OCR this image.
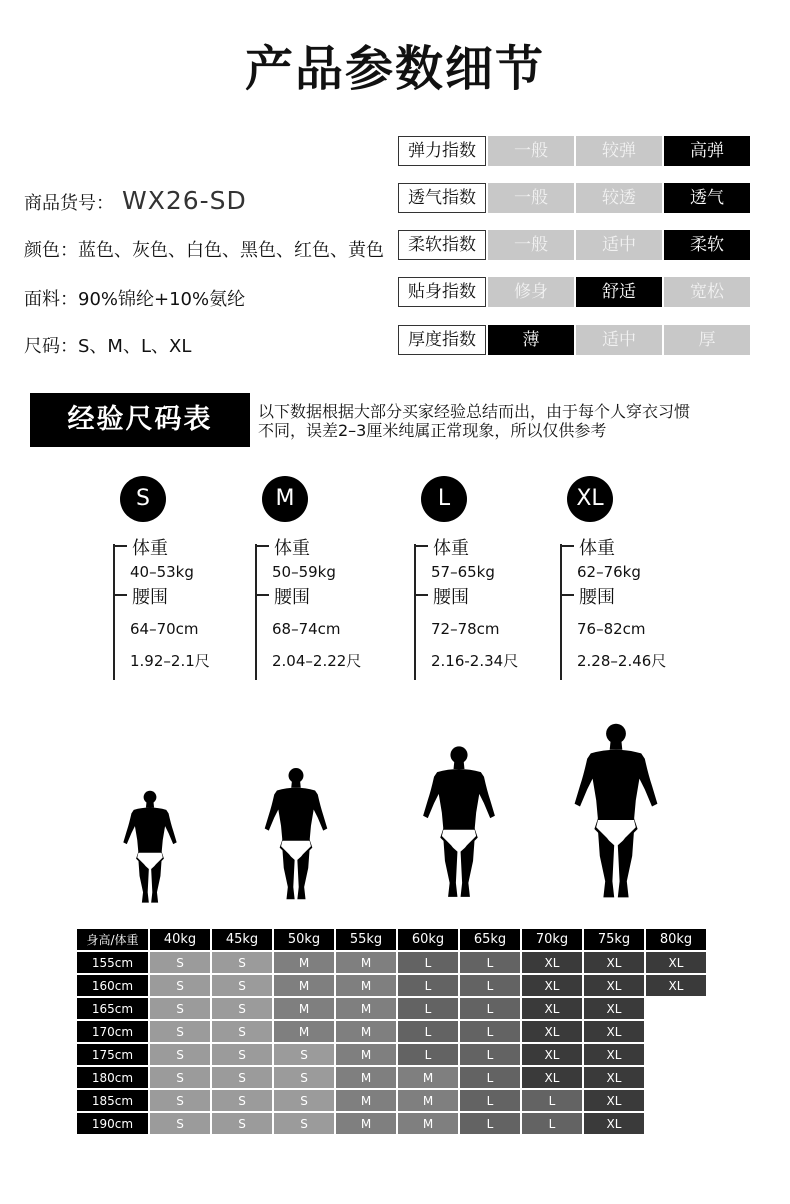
产品参数细节
商品货号： WX26-SD
颜色：蓝色、灰色、白色、黑色、红色、黄色
面料：90%锦纶+10%氨纶
尺码：S、M、L、XL
弹力指数	一般	较弹	高弹
透气指数	一般	较透	透气
柔软指数	一般	适中	柔软
贴身指数	修身	舒适	宽松
厚度指数	薄	适中	厚
经验尺码表	以下数据根据大部分买家经验总结而出，由于每个人穿衣习惯
不同，误差2–3厘米纯属正常现象，所以仅供参考
S
体重
40–53kg
腰围
64–70cm
1.92–2.1尺
M
体重
50–59kg
腰围
68–74cm
2.04–2.22尺
L
体重
57–65kg
腰围
72–78cm
2.16-2.34尺
XL
体重
62–76kg
腰围
76–82cm
2.28–2.46尺
身高/体重	40kg	45kg	50kg	55kg	60kg	65kg	70kg	75kg	80kg
155cm	S	S	M	M	L	L	XL	XL	XL
160cm	S	S	M	M	L	L	XL	XL	XL
165cm	S	S	M	M	L	L	XL	XL	
170cm	S	S	M	M	L	L	XL	XL	
175cm	S	S	S	M	L	L	XL	XL	
180cm	S	S	S	M	M	L	XL	XL	
185cm	S	S	S	M	M	L	L	XL	
190cm	S	S	S	M	M	L	L	XL	
